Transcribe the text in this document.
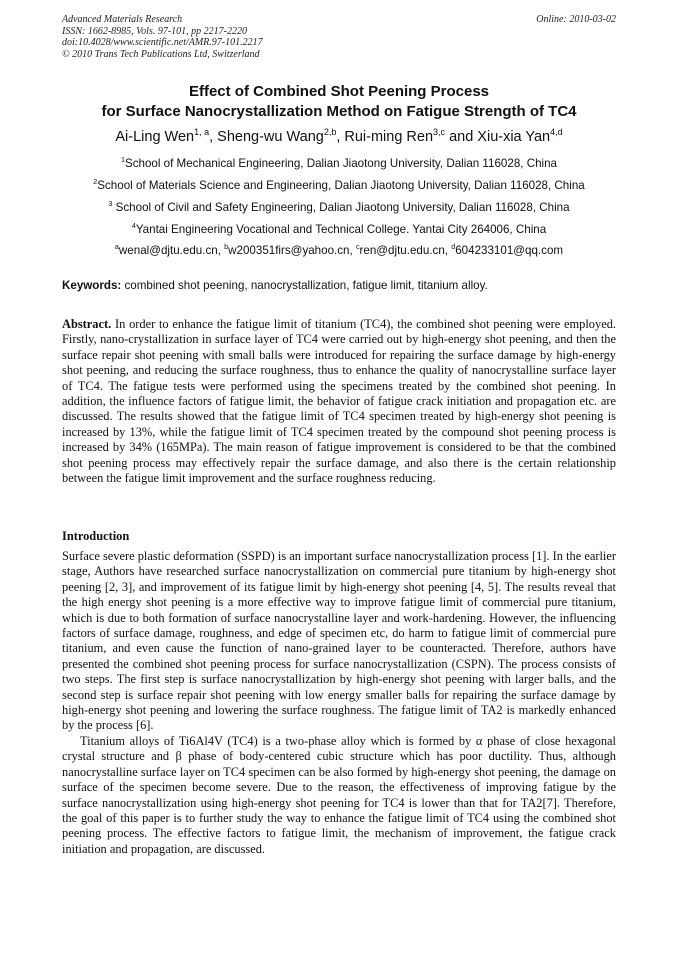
Advanced Materials Research
ISSN: 1662-8985, Vols. 97-101, pp 2217-2220
doi:10.4028/www.scientific.net/AMR.97-101.2217
© 2010 Trans Tech Publications Ltd, Switzerland
Online: 2010-03-02
Effect of Combined Shot Peening Process
for Surface Nanocrystallization Method on Fatigue Strength of TC4
Ai-Ling Wen$^{1, a}$, Sheng-wu Wang$^{2,b}$, Rui-ming Ren$^{3,c}$ and Xiu-xia Yan$^{4,d}$
$^1$School of Mechanical Engineering, Dalian Jiaotong University, Dalian 116028, China
$^2$School of Materials Science and Engineering, Dalian Jiaotong University, Dalian 116028, China
$^3$ School of Civil and Safety Engineering, Dalian Jiaotong University, Dalian 116028, China
$^4$Yantai Engineering Vocational and Technical College. Yantai City 264006, China
$^a$wenal@djtu.edu.cn, $^b$w200351firs@yahoo.cn, $^c$ren@djtu.edu.cn, $^d$604233101@qq.com
Keywords: combined shot peening, nanocrystallization, fatigue limit, titanium alloy.
Abstract. In order to enhance the fatigue limit of titanium (TC4), the combined shot peening were employed. Firstly, nano-crystallization in surface layer of TC4 were carried out by high-energy shot peening, and then the surface repair shot peening with small balls were introduced for repairing the surface damage by high-energy shot peening, and reducing the surface roughness, thus to enhance the quality of nanocrystalline surface layer of TC4. The fatigue tests were performed using the specimens treated by the combined shot peening. In addition, the influence factors of fatigue limit, the behavior of fatigue crack initiation and propagation etc. are discussed. The results showed that the fatigue limit of TC4 specimen treated by high-energy shot peening is increased by 13%, while the fatigue limit of TC4 specimen treated by the compound shot peening process is increased by 34% (165MPa). The main reason of fatigue improvement is considered to be that the combined shot peening process may effectively repair the surface damage, and also there is the certain relationship between the fatigue limit improvement and the surface roughness reducing.
Introduction

Surface severe plastic deformation (SSPD) is an important surface nanocrystallization process [1]. In the earlier stage, Authors have researched surface nanocrystallization on commercial pure titanium by high-energy shot peening [2, 3], and improvement of its fatigue limit by high-energy shot peening [4, 5]. The results reveal that the high energy shot peening is a more effective way to improve fatigue limit of commercial pure titanium, which is due to both formation of surface nanocrystalline layer and work-hardening. However, the influencing factors of surface damage, roughness, and edge of specimen etc, do harm to fatigue limit of commercial pure titanium, and even cause the function of nano-grained layer to be counteracted. Therefore, authors have presented the combined shot peening process for surface nanocrystallization (CSPN). The process consists of two steps. The first step is surface nanocrystallization by high-energy shot peening with larger balls, and the second step is surface repair shot peening with low energy smaller balls for repairing the surface damage by high-energy shot peening and lowering the surface roughness. The fatigue limit of TA2 is markedly enhanced by the process [6].

Titanium alloys of Ti6Al4V (TC4) is a two-phase alloy which is formed by α phase of close hexagonal crystal structure and β phase of body-centered cubic structure which has poor ductility. Thus, although nanocrystalline surface layer on TC4 specimen can be also formed by high-energy shot peening, the damage on surface of the specimen become severe. Due to the reason, the effectiveness of improving fatigue by the surface nanocrystallization using high-energy shot peening for TC4 is lower than that for TA2[7]. Therefore, the goal of this paper is to further study the way to enhance the fatigue limit of TC4 using the combined shot peening process. The effective factors to fatigue limit, the mechanism of improvement, the fatigue crack initiation and propagation, are discussed.
